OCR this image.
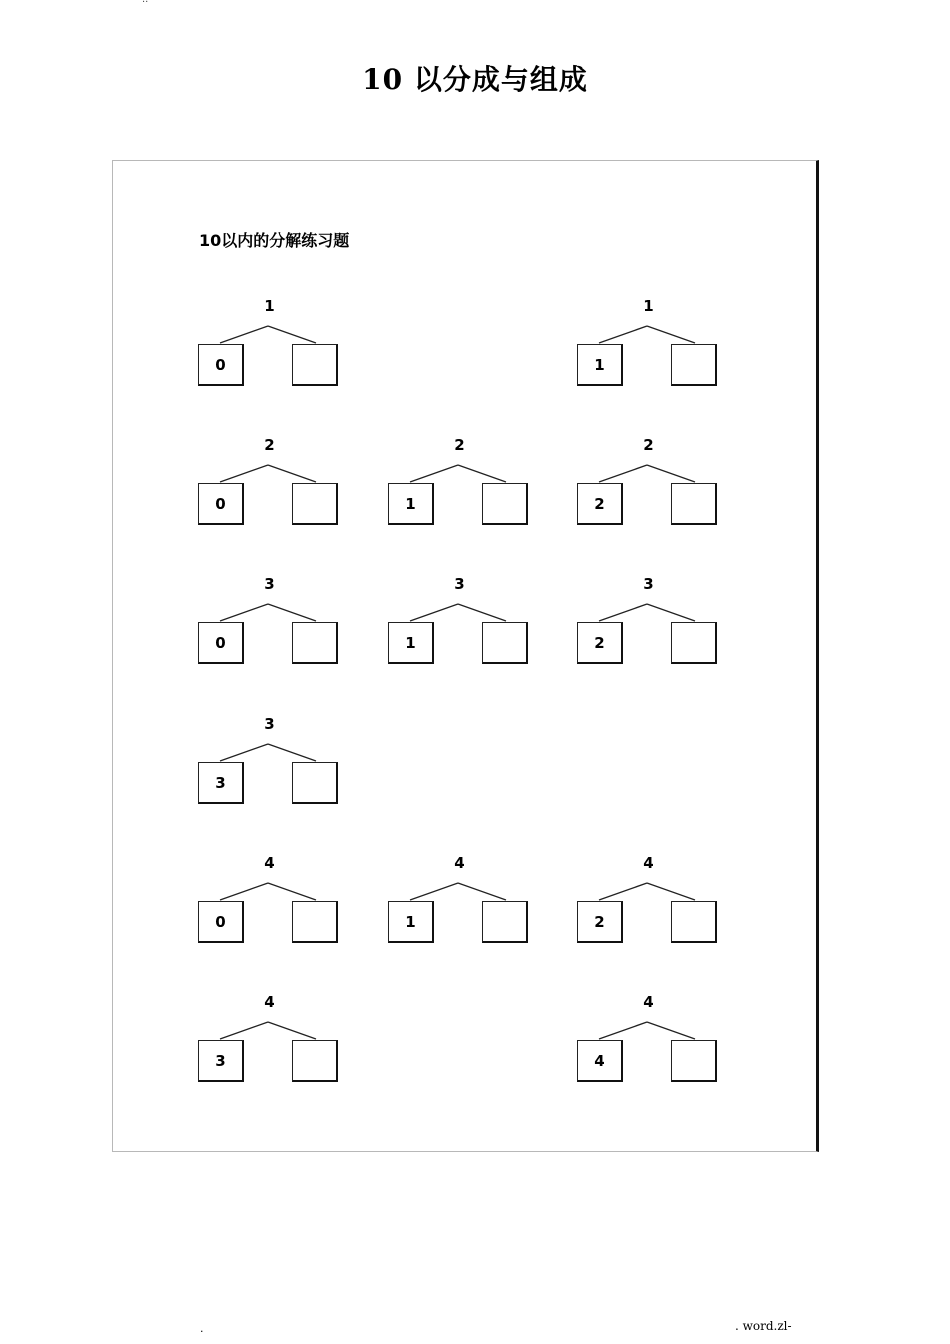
10 以分成与组成
10以内的分解练习题
1
0
1
1
2
0
2
1
2
2
3
0
3
1
3
2
3
3
4
0
4
1
4
2
4
3
4
4
.	. word.zl-
